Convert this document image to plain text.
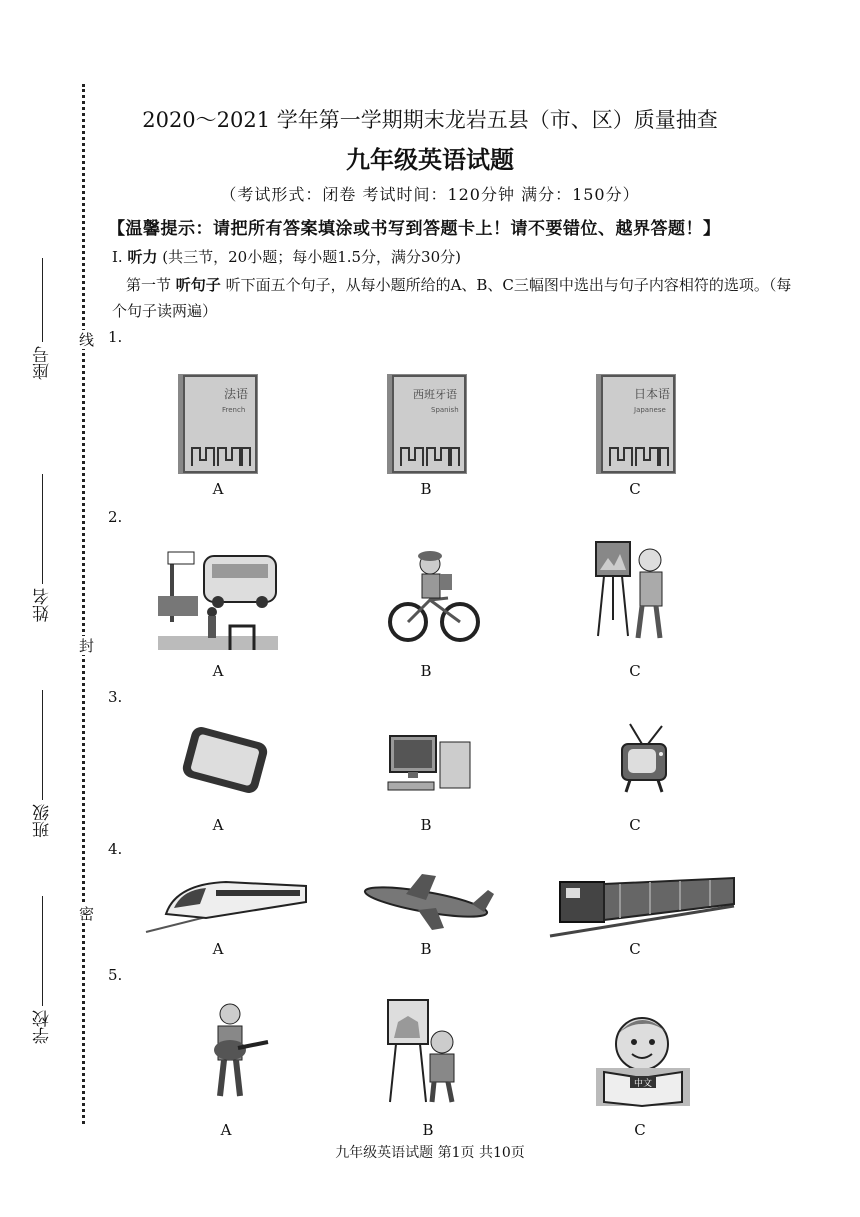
线
封
密
座号
姓名
班级
学校
2020～2021 学年第一学期期末龙岩五县（市、区）质量抽查
九年级英语试题
（考试形式：闭卷 考试时间：120分钟 满分：150分）
【温馨提示：请把所有答案填涂或书写到答题卡上！请不要错位、越界答题！】
Ⅰ. 听力 (共三节，20小题；每小题1.5分，满分30分)
第一节 听句子 听下面五个句子，从每小题所给的A、B、C三幅图中选出与句子内容相符的选项。（每个句子读两遍）
1.
2.
3.
4.
5.
A	B	C
A	B	C
A	B	C
A	B	C
A	B	C
法语
French
西班牙语
Spanish
日本语
Japanese
中文
九年级英语试题 第1页 共10页
